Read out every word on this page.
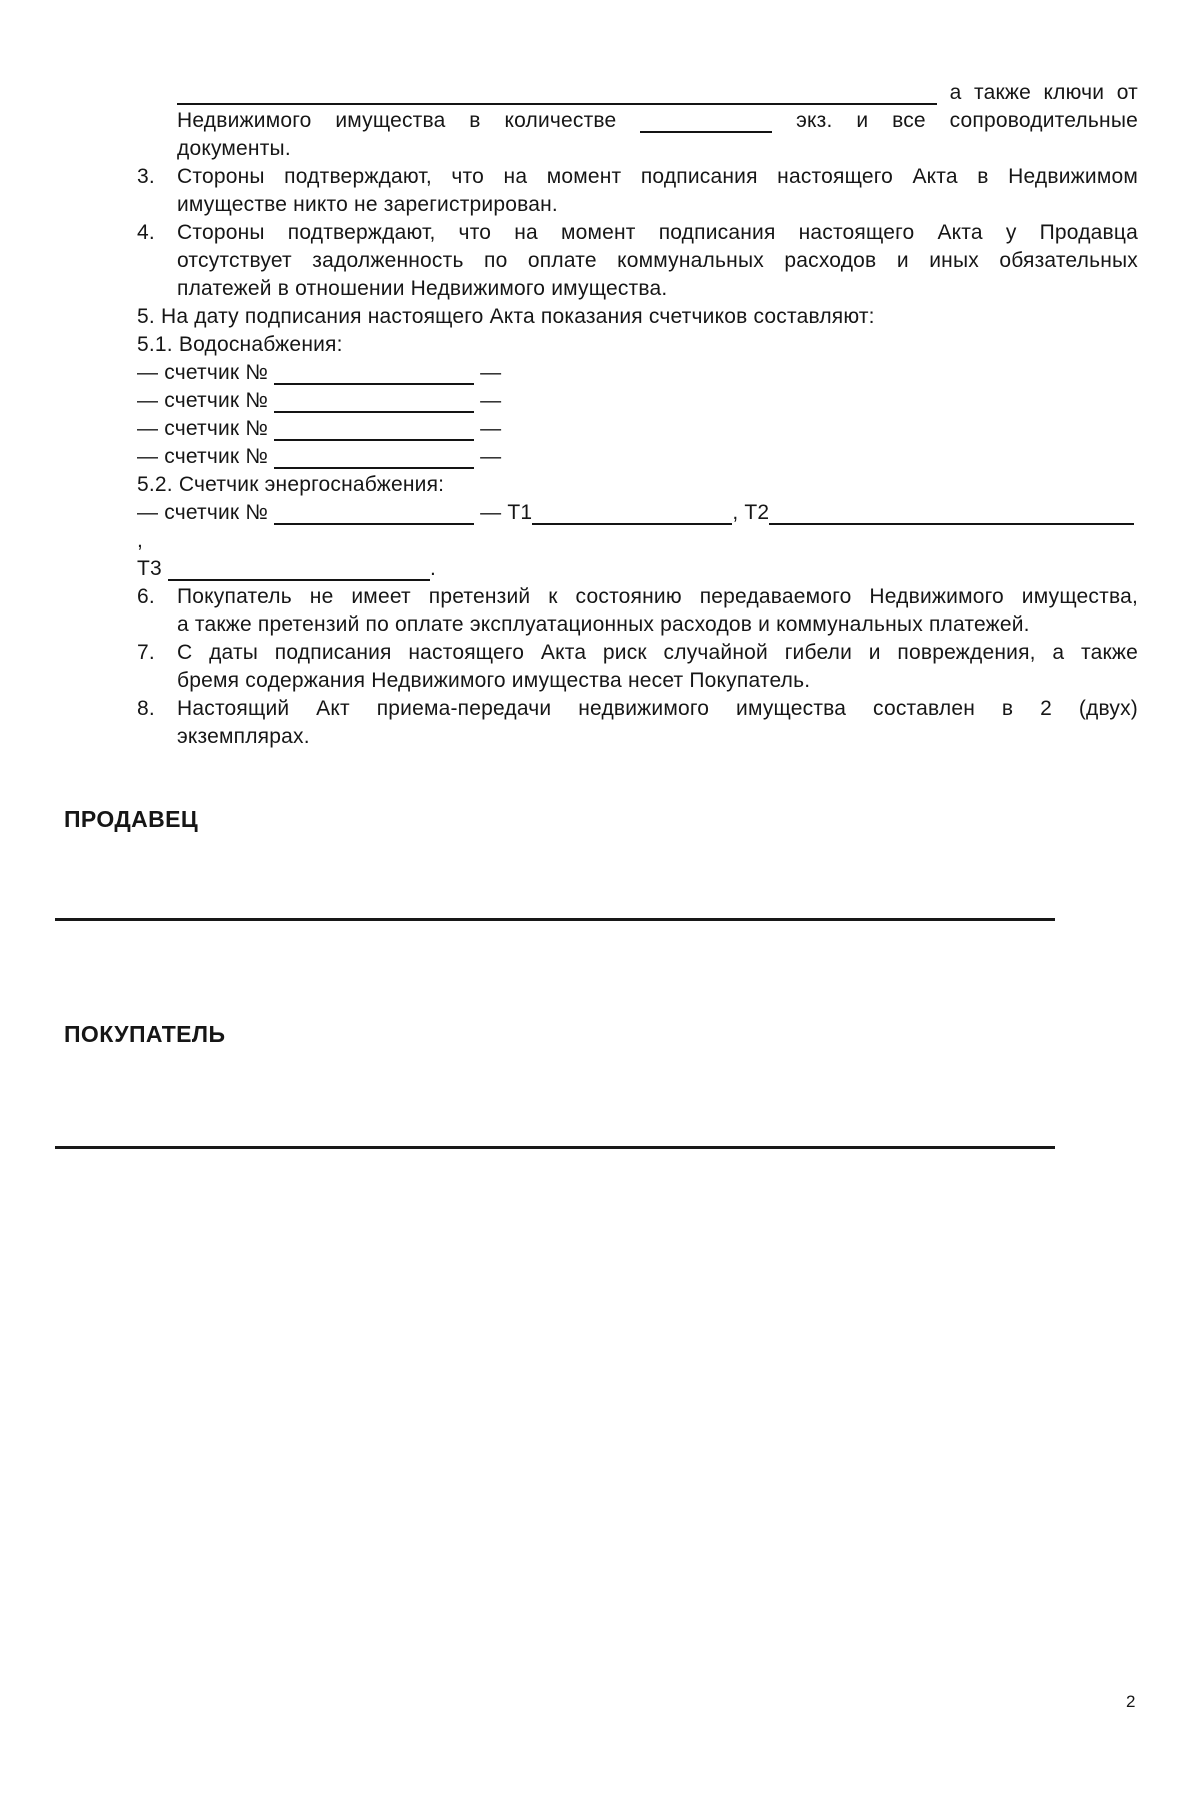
а также ключи от
Недвижимого имущества в количестве	экз. и все сопроводительные
документы.
3. Стороны подтверждают, что на момент подписания настоящего Акта в Недвижимом
имуществе никто не зарегистрирован.
4. Стороны подтверждают, что на момент подписания настоящего Акта у Продавца
отсутствует задолженность по оплате коммунальных расходов и иных обязательных
платежей в отношении Недвижимого имущества.
5. На дату подписания настоящего Акта показания счетчиков составляют:
5.1. Водоснабжения:
— счетчик №	—
— счетчик №	—
— счетчик №	—
— счетчик №	—
5.2. Счетчик энергоснабжения:
— счетчик №	— Т1	, Т2,
Т3	.
6. Покупатель не имеет претензий к состоянию передаваемого Недвижимого имущества,
а также претензий по оплате эксплуатационных расходов и коммунальных платежей.
7. С даты подписания настоящего Акта риск случайной гибели и повреждения, а также
бремя содержания Недвижимого имущества несет Покупатель.
8. Настоящий Акт приема-передачи недвижимого имущества составлен в 2 (двух)
экземплярах.
ПРОДАВЕЦ
ПОКУПАТЕЛЬ
2
